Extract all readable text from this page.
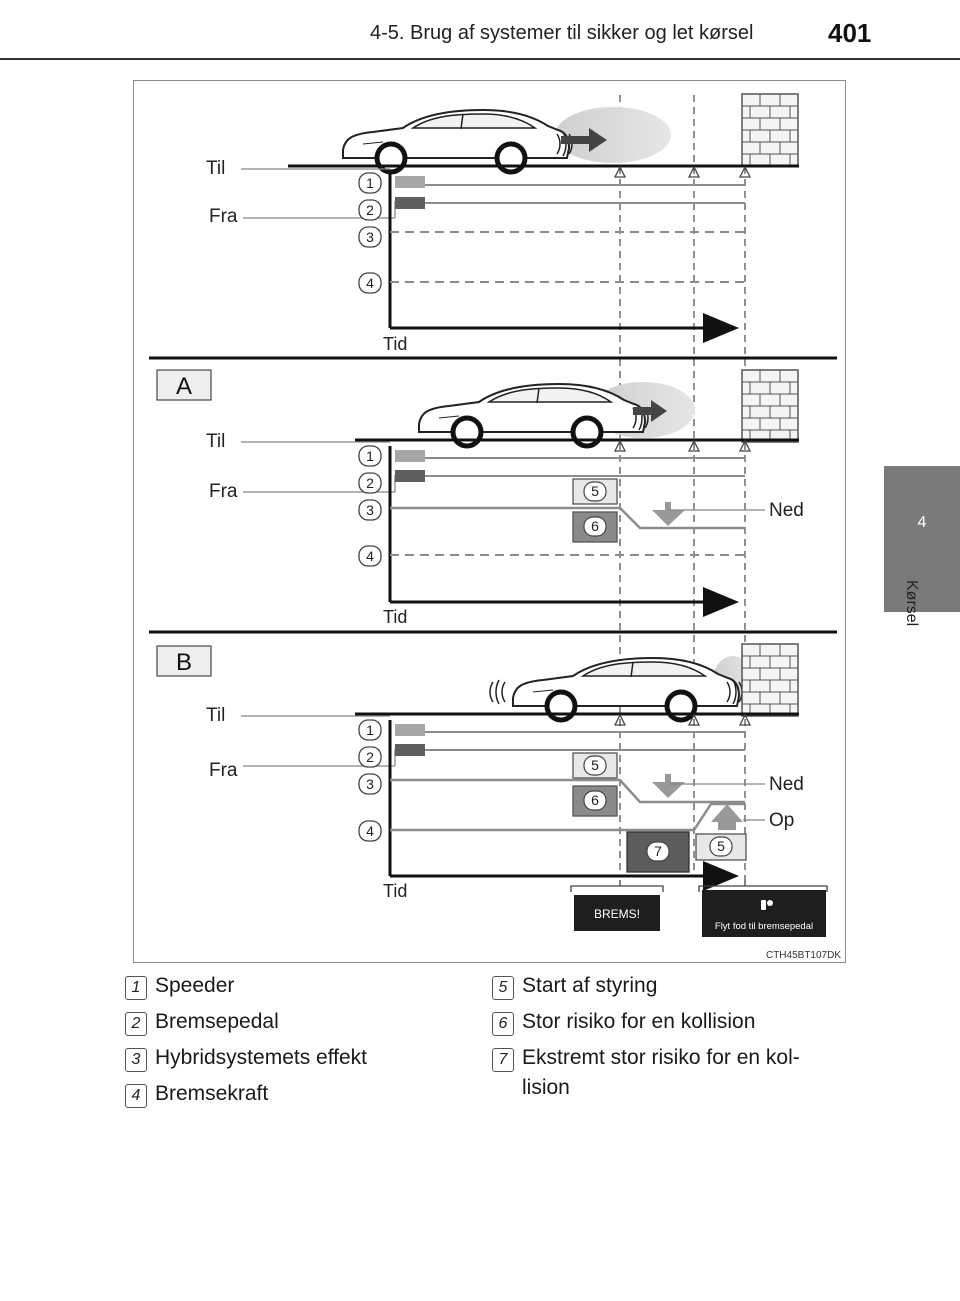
4-5. Brug af systemer til sikker og let kørsel	401
4
Kørsel
Til
Fra
Tid
1
2
3
4
A
Til
Fra
Tid
Ned
5
6
1
2
3
4
B
Til
Fra
Tid
Ned
Op
5
6
7	5
1
2
3
4
BREMS!
Flyt fod til bremsepedal
CTH45BT107DK
1 Speeder
2 Bremsepedal
3 Hybridsystemets effekt
4 Bremsekraft
5 Start af styring
6 Stor risiko for en kollision
7 Ekstremt stor risiko for en kol-
lision
